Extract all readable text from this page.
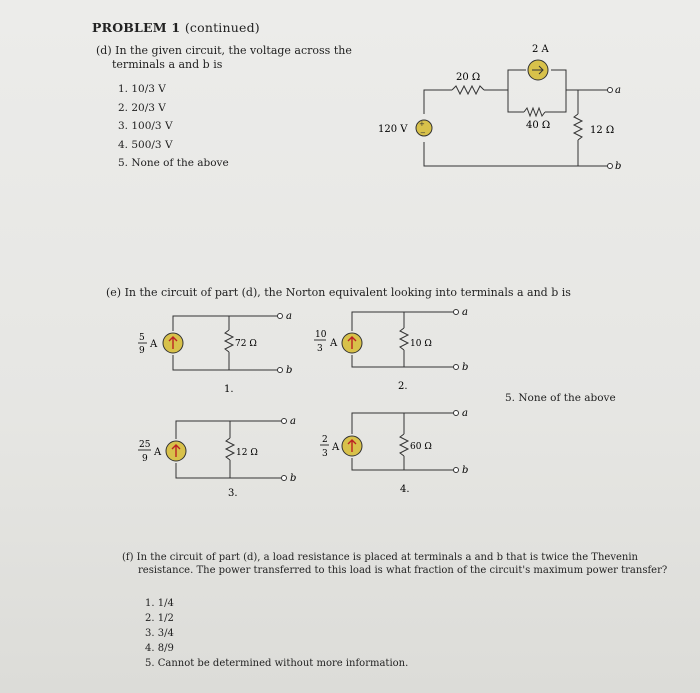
PROBLEM 1 (continued)
(d) In the given circuit, the voltage across the
terminals a and b is
1. 10/3 V
2. 20/3 V
3. 100/3 V
4. 500/3 V
5. None of the above
+
−
120 V
2 A
20 Ω
40 Ω	12 Ω
a
b
(e) In the circuit of part (d), the Norton equivalent looking into terminals a and b is
5
9
A	72 Ω
a
b
1.
10
3 A	10 Ω
a
b
2.
25
9
A	12 Ω
a
b
3.
2
3
A	60 Ω
a
b
4.
5. None of the above
(f) In the circuit of part (d), a load resistance is placed at terminals a and b that is twice the Thevenin
resistance. The power transferred to this load is what fraction of the circuit's maximum power transfer?
1. 1/4
2. 1/2
3. 3/4
4. 8/9
5. Cannot be determined without more information.
